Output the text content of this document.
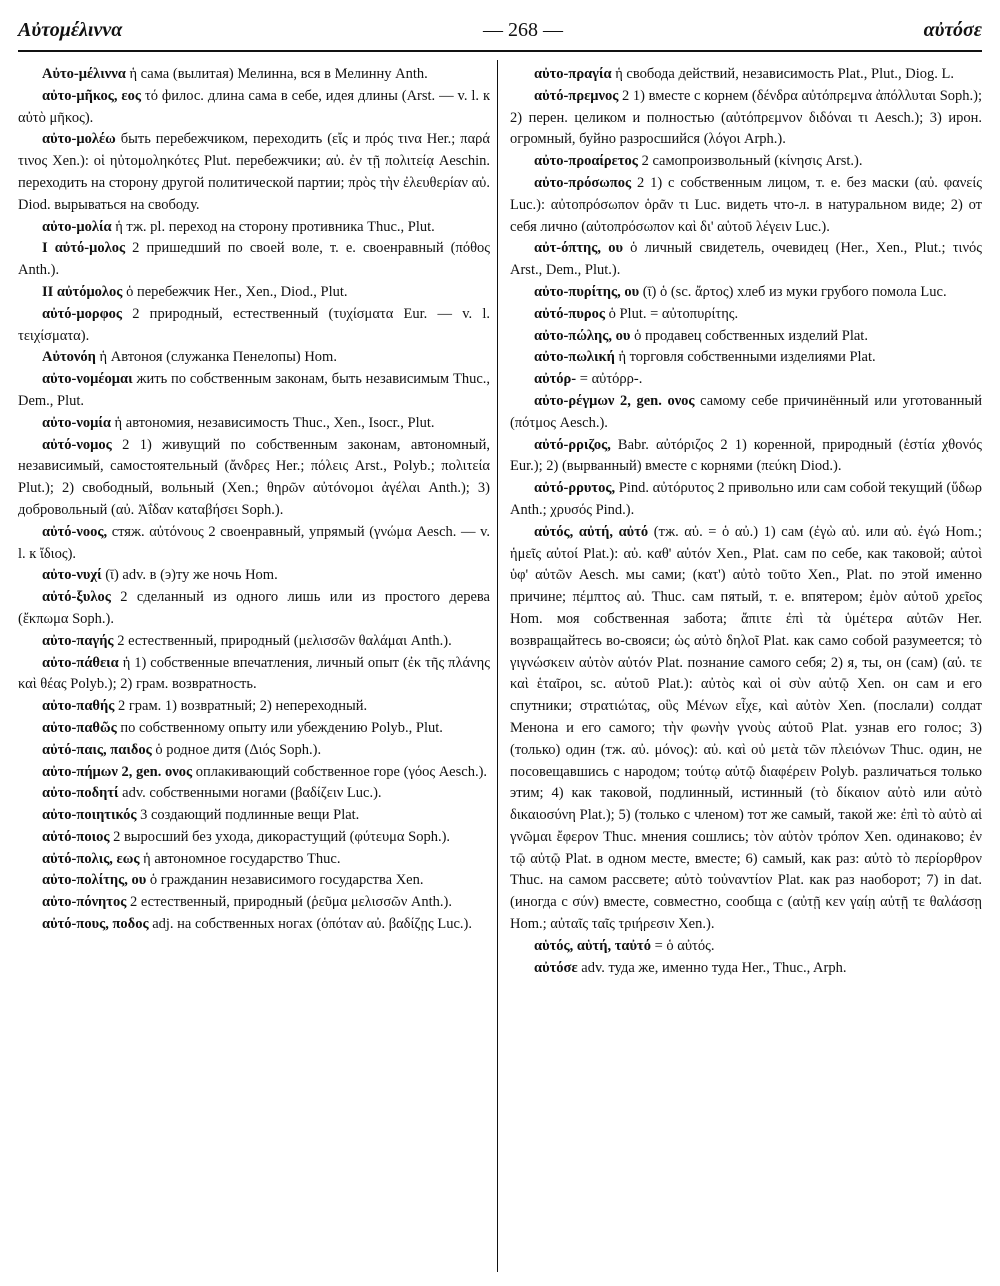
Αὐτομέλιννα	— 268 —	αὐτόσε

Αὐτο-μέλιννα ἡ сама (вылитая) Мелинна, вся в Мелинну Anth.

αὐτο-μῆκος, εος τό филос. длина сама в себе, идея длины (Arst. — v. l. к αὐτὸ μῆκος).

αὐτο-μολέω быть перебежчиком, переходить (εἴς и πρός τινα Her.; παρά τινος Xen.): οἱ ηὐτομοληκότες Plut. перебежчики; αὐ. ἐν τῇ πολιτείᾳ Aeschin. переходить на сторону другой политической партии; πρὸς τὴν ἐλευθερίαν αὐ. Diod. вырываться на свободу.

αὐτο-μολία ἡ тж. pl. переход на сторону противника Thuc., Plut.

I αὐτό-μολος 2 пришедший по своей воле, т. е. своенравный (πόθος Anth.).

II αὐτόμολος ὁ перебежчик Her., Xen., Diod., Plut.

αὐτό-μορφος 2 природный, естественный (τυχίσματα Eur. — v. l. τειχίσματα).

Αὐτονόη ἡ Автоноя (служанка Пенелопы) Hom.

αὐτο-νομέομαι жить по собственным законам, быть независимым Thuc., Dem., Plut.

αὐτο-νομία ἡ автономия, независимость Thuc., Xen., Isocr., Plut.

αὐτό-νομος 2 1) живущий по собственным законам, автономный, независимый, самостоятельный (ἄνδρες Her.; πόλεις Arst., Polyb.; πολιτεία Plut.); 2) свободный, вольный (Xen.; θηρῶν αὐτόνομοι ἀγέλαι Anth.); 3) добровольный (αὐ. Ἀΐδαν καταβήσει Soph.).

αὐτό-νοος, стяж. αὐτόνους 2 своенравный, упрямый (γνώμα Aesch. — v. l. к ἴδιος).

αὐτο-νυχί (ῑ) adv. в (э)ту же ночь Hom.

αὐτό-ξυλος 2 сделанный из одного лишь или из простого дерева (ἔκπωμα Soph.).

αὐτο-παγής 2 естественный, природный (μελισσῶν θαλάμαι Anth.).

αὐτο-πάθεια ἡ 1) собственные впечатления, личный опыт (ἐκ τῆς πλάνης καὶ θέας Polyb.); 2) грам. возвратность.

αὐτο-παθής 2 грам. 1) возвратный; 2) непереходный.

αὐτο-παθῶς по собственному опыту или убеждению Polyb., Plut.

αὐτό-παις, παιδος ὁ родное дитя (Διός Soph.).

αὐτο-πήμων 2, gen. ονος оплакивающий собственное горе (γόος Aesch.).

αὐτο-ποδητί adv. собственными ногами (βαδίζειν Luc.).

αὐτο-ποιητικός 3 создающий подлинные вещи Plat.

αὐτό-ποιος 2 выросший без ухода, дикорастущий (φύτευμα Soph.).

αὐτό-πολις, εως ἡ автономное государство Thuc.

αὐτο-πολίτης, ου ὁ гражданин независимого государства Xen.

αὐτο-πόνητος 2 естественный, природный (ῥεῦμα μελισσῶν Anth.).

αὐτό-πους, ποδος adj. на собственных ногах (ὁπόταν αὐ. βαδίζῃς Luc.).

αὐτο-πραγία ἡ свобода действий, независимость Plat., Plut., Diog. L.

αὐτό-πρεμνος 2 1) вместе с корнем (δένδρα αὐτόπρεμνα ἀπόλλυται Soph.); 2) перен. целиком и полностью (αὐτόπρεμνον διδόναι τι Aesch.); 3) ирон. огромный, буйно разросшийся (λόγοι Arph.).

αὐτο-προαίρετος 2 самопроизвольный (κίνησις Arst.).

αὐτο-πρόσωπος 2 1) с собственным лицом, т. е. без маски (αὐ. φανείς Luc.): αὐτοπρόσωπον ὁρᾶν τι Luc. видеть что-л. в натуральном виде; 2) от себя лично (αὐτοπρόσωπον καὶ δι' αὑτοῦ λέγειν Luc.).

αὐτ-όπτης, ου ὁ личный свидетель, очевидец (Her., Xen., Plut.; τινός Arst., Dem., Plut.).

αὐτο-πυρίτης, ου (ῑ) ὁ (sc. ἄρτος) хлеб из муки грубого помола Luc.

αὐτό-πυρος ὁ Plut. = αὐτοπυρίτης.

αὐτο-πώλης, ου ὁ продавец собственных изделий Plat.

αὐτο-πωλική ἡ торговля собственными изделиями Plat.

αὐτόρ- = αὐτόρρ-.

αὐτο-ρέγμων 2, gen. ονος самому себе причинённый или уготованный (πότμος Aesch.).

αὐτό-ρριζος, Babr. αὐτόριζος 2 1) коренной, природный (ἑστία χθονός Eur.); 2) (вырванный) вместе с корнями (πεύκη Diod.).

αὐτό-ρρυτος, Pind. αὐτόρυτος 2 привольно или сам собой текущий (ὕδωρ Anth.; χρυσός Pind.).

αὐτός, αὐτή, αὐτό (тж. αὐ. = ὁ αὐ.) 1) сам (ἐγὼ αὐ. или αὐ. ἐγώ Hom.; ἡμεῖς αὐτοί Plat.): αὐ. καθ' αὑτόν Xen., Plat. сам по себе, как таковой; αὐτοὶ ὑφ' αὑτῶν Aesch. мы сами; (κατ') αὐτὸ τοῦτο Xen., Plat. по этой именно причине; πέμπτος αὐ. Thuc. сам пятый, т. е. впятером; ἐμὸν αὐτοῦ χρεῖος Hom. моя собственная забота; ἄπιτε ἐπὶ τὰ ὑμέτερα αὐτῶν Her. возвращайтесь во-свояси; ὡς αὐτὸ δηλοῖ Plat. как само собой разумеется; τὸ γιγνώσκειν αὐτὸν αὑτόν Plat. познание самого себя; 2) я, ты, он (сам) (αὐ. τε καὶ ἑταῖροι, sc. αὐτοῦ Plat.): αὐτὸς καὶ οἱ σὺν αὐτῷ Xen. он сам и его спутники; στρατιώτας, οὓς Μένων εἶχε, καὶ αὐτὸν Xen. (послали) солдат Менона и его самого; τὴν φωνὴν γνοὺς αὐτοῦ Plat. узнав его голос; 3) (только) один (тж. αὐ. μόνος): αὐ. καὶ οὐ μετὰ τῶν πλειόνων Thuc. один, не посовещавшись с народом; τούτῳ αὐτῷ διαφέρειν Polyb. различаться только этим; 4) как таковой, подлинный, истинный (τὸ δίκαιον αὐτὸ или αὐτὸ δικαιοσύνη Plat.); 5) (только с членом) тот же самый, такой же: ἐπὶ τὸ αὐτὸ αἱ γνῶμαι ἔφερον Thuc. мнения сошлись; τὸν αὐτὸν τρόπον Xen. одинаково; ἐν τῷ αὐτῷ Plat. в одном месте, вместе; 6) самый, как раз: αὐτὸ τὸ περίορθρον Thuc. на самом рассвете; αὐτὸ τοὐναντίον Plat. как раз наоборот; 7) in dat. (иногда с σύν) вместе, совместно, сообща с (αὐτῇ κεν γαίῃ αὐτῇ τε θαλάσσῃ Hom.; αὐταῖς ταῖς τριήρεσιν Xen.).

αὑτός, αὑτή, ταὐτό = ὁ αὐτός.

αὐτόσε adv. туда же, именно туда Her., Thuc., Arph.
